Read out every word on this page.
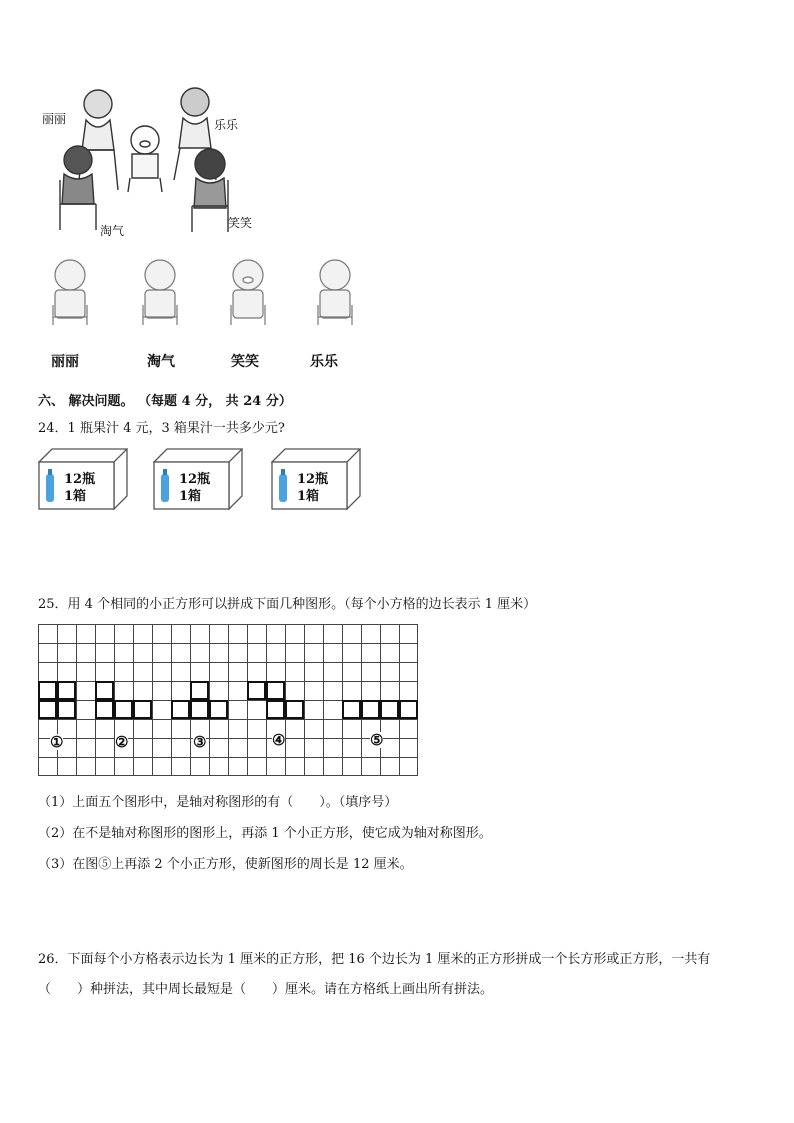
丽丽	乐乐
淘气
笑笑
丽丽	淘气	笑笑	乐乐
六、 解决问题。 （每题 4 分， 共 24 分）
24．1 瓶果汁 4 元，3 箱果汁一共多少元?
12瓶
1箱
12瓶
1箱
12瓶
1箱
25．用 4 个相同的小正方形可以拼成下面几种图形。（每个小方格的边长表示 1 厘米）
①	②	③	④	⑤
（1）上面五个图形中，是轴对称图形的有（　　）。（填序号）
（2）在不是轴对称图形的图形上，再添 1 个小正方形，使它成为轴对称图形。
（3）在图⑤上再添 2 个小正方形，使新图形的周长是 12 厘米。
26．下面每个小方格表示边长为 1 厘米的正方形，把 16 个边长为 1 厘米的正方形拼成一个长方形或正方形，一共有
（　　）种拼法，其中周长最短是（　　）厘米。请在方格纸上画出所有拼法。
